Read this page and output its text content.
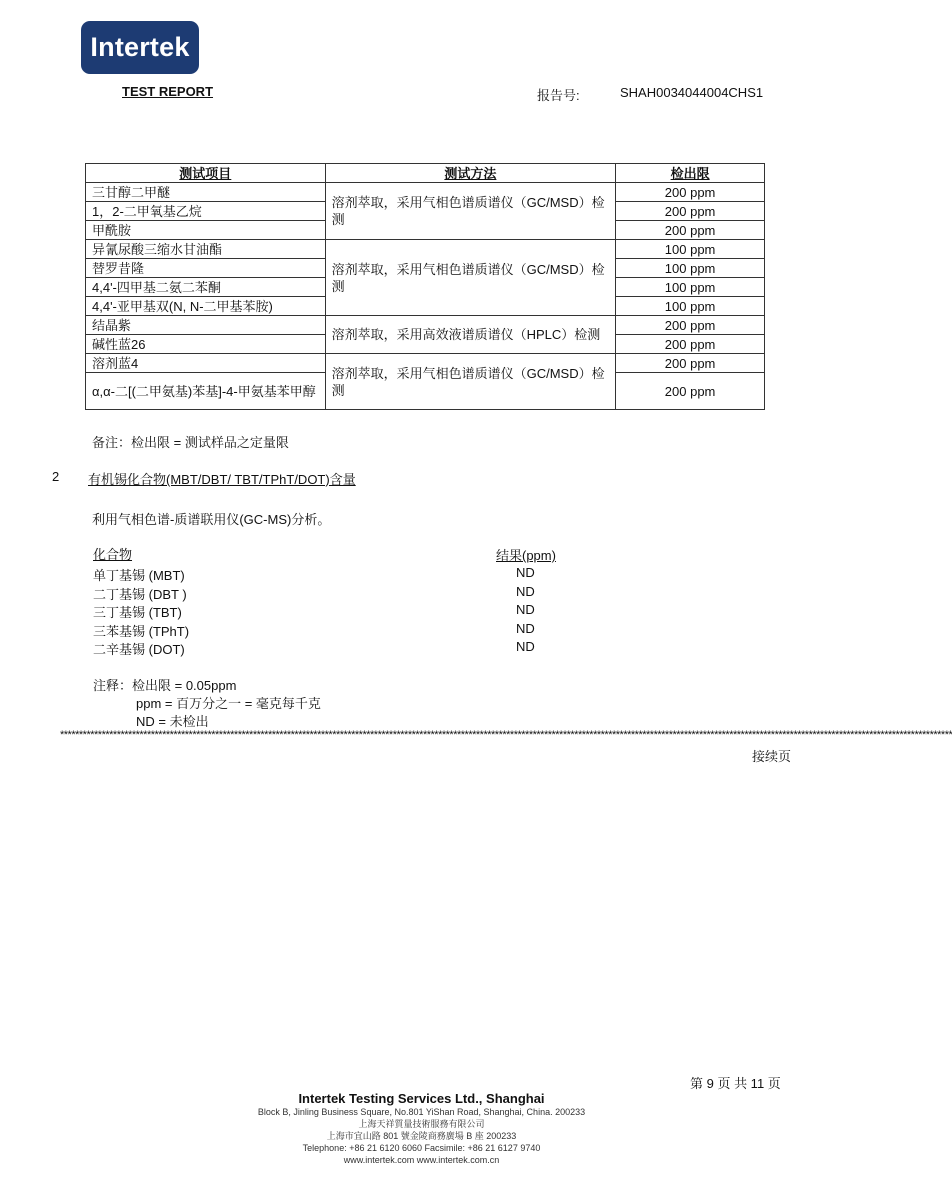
Intertek
TEST REPORT	报告号:	SHAH0034044004CHS1
测试项目	测试方法	检出限
三甘醇二甲醚	溶剂萃取，采用气相色谱质谱仪（GC/MSD）检测	200 ppm
1，2-二甲氧基乙烷		200 ppm
甲酰胺		200 ppm
异氰尿酸三缩水甘油酯	溶剂萃取，采用气相色谱质谱仪（GC/MSD）检测	100 ppm
替罗昔隆		100 ppm
4,4'-四甲基二氨二苯酮		100 ppm
4,4'-亚甲基双(N, N-二甲基苯胺)		100 ppm
结晶紫	溶剂萃取，采用高效液谱质谱仪（HPLC）检测	200 ppm
碱性蓝26		200 ppm
溶剂蓝4	溶剂萃取，采用气相色谱质谱仪（GC/MSD）检测	200 ppm
α,α-二[(二甲氨基)苯基]-4-甲氨基苯甲醇		200 ppm
备注：检出限 = 测试样品之定量限
2 有机锡化合物(MBT/DBT/ TBT/TPhT/DOT)含量
利用气相色谱-质谱联用仪(GC-MS)分析。
化合物	结果(ppm)
单丁基锡 (MBT)	ND
二丁基锡 (DBT )	ND
三丁基锡 (TBT)	ND
三苯基锡 (TPhT)	ND
二辛基锡 (DOT)	ND
注释：检出限 = 0.05ppm
ppm = 百万分之一 = 毫克每千克
ND = 未检出
********************************************************************************************************************************************************************************************************************************************
接续页
第 9 页 共 11 页
Intertek Testing Services Ltd., Shanghai
Block B, Jinling Business Square, No.801 YiShan Road, Shanghai, China. 200233
上海天祥質量技術服務有限公司
上海市宜山路 801 號金陵商務廣場 B 座 200233
Telephone: +86 21 6120 6060 Facsimile: +86 21 6127 9740
www.intertek.com www.intertek.com.cn
